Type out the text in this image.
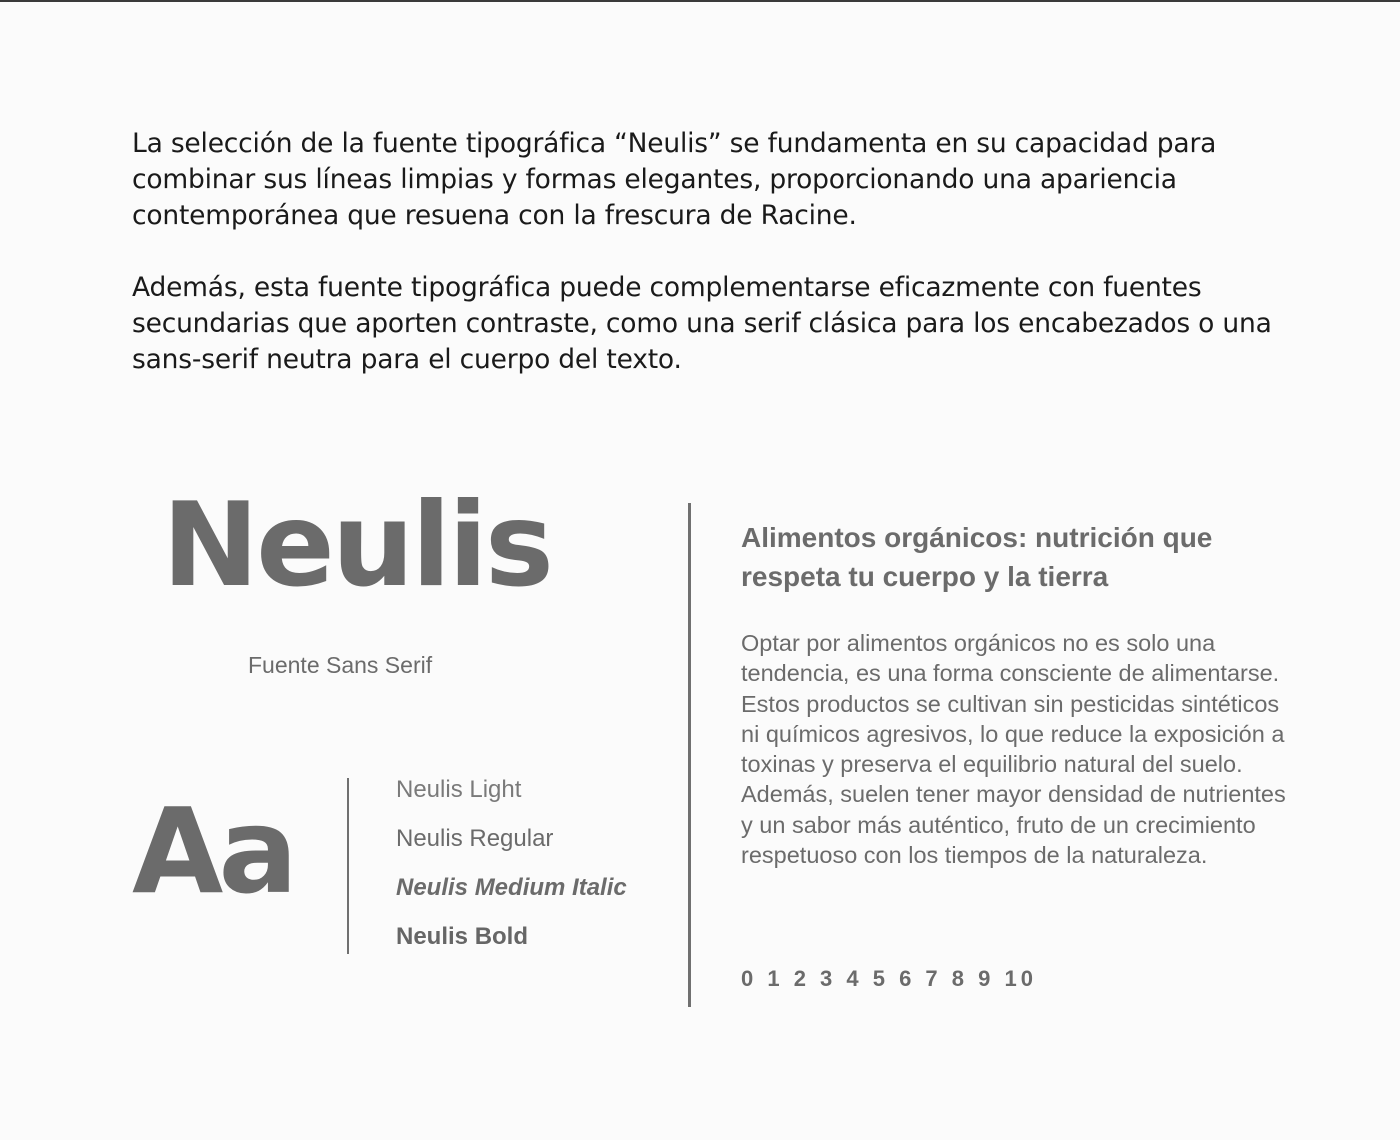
La selección de la fuente tipográfica “Neulis” se fundamenta en su capacidad para combinar sus líneas limpias y formas elegantes, proporcionando una apariencia contemporánea que resuena con la frescura de Racine.

Además, esta fuente tipográfica puede complementarse eficazmente con fuentes secundarias que aporten contraste, como una serif clásica para los encabezados o una sans-serif neutra para el cuerpo del texto.

Neulis
Fuente Sans Serif
Aa	Neulis Light
Neulis Regular
Neulis Medium Italic
Neulis Bold
Alimentos orgánicos: nutrición que respeta tu cuerpo y la tierra
Optar por alimentos orgánicos no es solo una tendencia, es una forma consciente de alimentarse. Estos productos se cultivan sin pesticidas sintéticos ni químicos agresivos, lo que reduce la exposición a toxinas y preserva el equilibrio natural del suelo. Además, suelen tener mayor densidad de nutrientes y un sabor más auténtico, fruto de un crecimiento respetuoso con los tiempos de la naturaleza.
0 1 2 3 4 5 6 7 8 9 10
